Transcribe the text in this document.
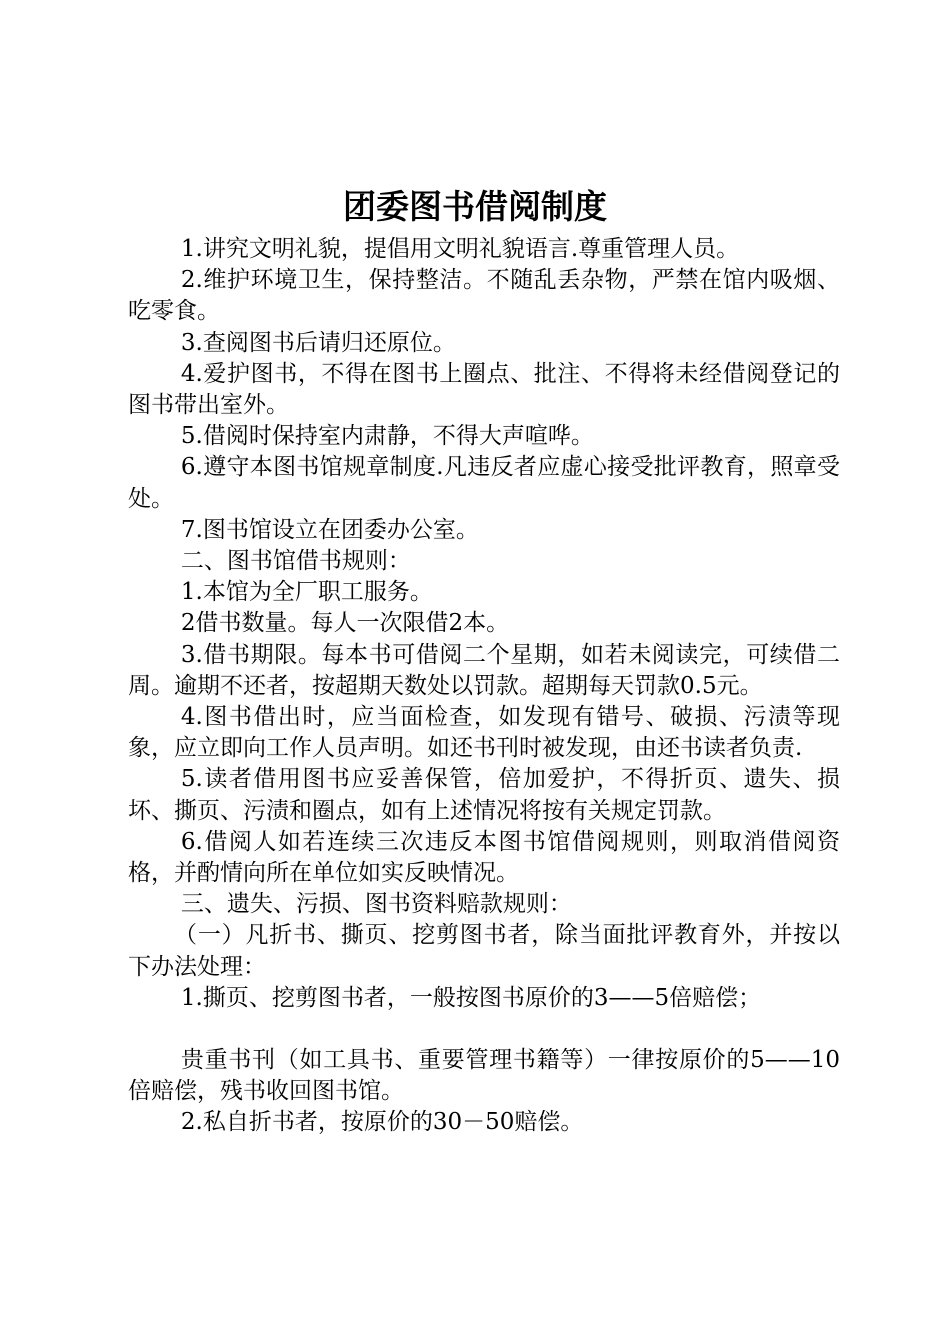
团委图书借阅制度

1.讲究文明礼貌，提倡用文明礼貌语言.尊重管理人员。

2.维护环境卫生，保持整洁。不随乱丢杂物，严禁在馆内吸烟、吃零食。

3.查阅图书后请归还原位。

4.爱护图书，不得在图书上圈点、批注、不得将未经借阅登记的图书带出室外。

5.借阅时保持室内肃静，不得大声喧哗。

6.遵守本图书馆规章制度.凡违反者应虚心接受批评教育，照章受处。

7.图书馆设立在团委办公室。

二、图书馆借书规则：

1.本馆为全厂职工服务。

2借书数量。每人一次限借2本。

3.借书期限。每本书可借阅二个星期，如若未阅读完，可续借二周。逾期不还者，按超期天数处以罚款。超期每天罚款0.5元。

4.图书借出时，应当面检查，如发现有错号、破损、污渍等现象，应立即向工作人员声明。如还书刊时被发现，由还书读者负责.

5.读者借用图书应妥善保管，倍加爱护，不得折页、遗失、损坏、撕页、污渍和圈点，如有上述情况将按有关规定罚款。

6.借阅人如若连续三次违反本图书馆借阅规则，则取消借阅资格，并酌情向所在单位如实反映情况。

三、遗失、污损、图书资料赔款规则：

（一）凡折书、撕页、挖剪图书者，除当面批评教育外，并按以下办法处理：

1.撕页、挖剪图书者，一般按图书原价的3——5倍赔偿；

贵重书刊（如工具书、重要管理书籍等）一律按原价的5——10倍赔偿，残书收回图书馆。

2.私自折书者，按原价的30－50赔偿。
